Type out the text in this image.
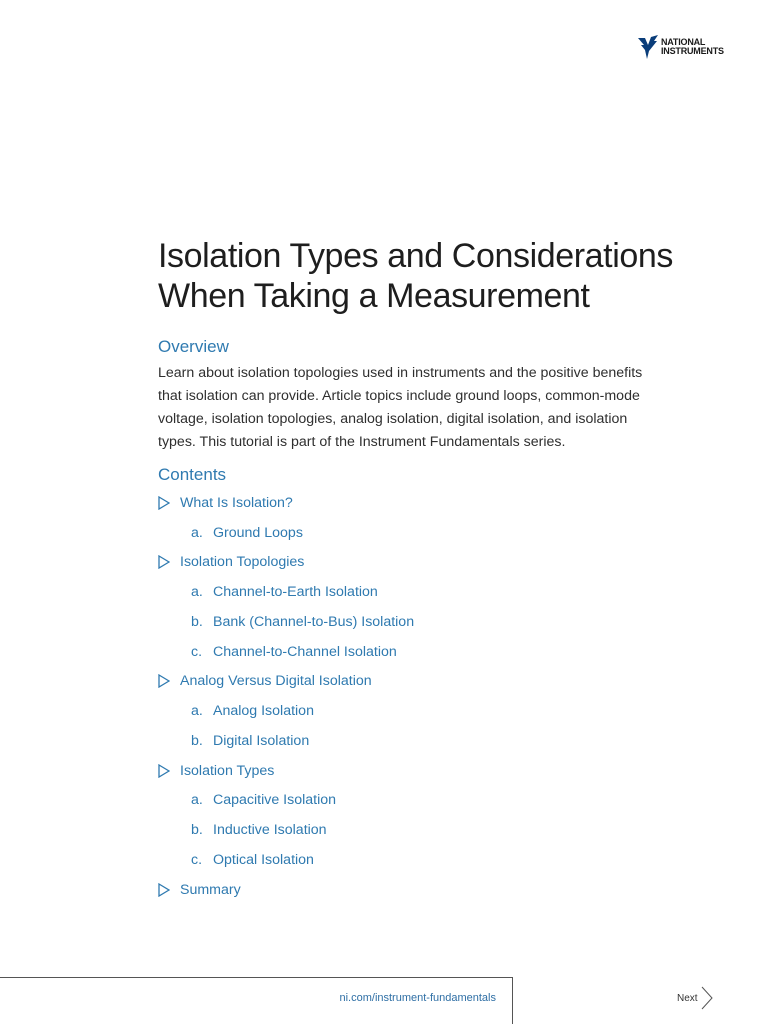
NATIONAL
INSTRUMENTS
Isolation Types and Considerations
When Taking a Measurement
Overview

Learn about isolation topologies used in instruments and the positive benefits
that isolation can provide. Article topics include ground loops, common-mode
voltage, isolation topologies, analog isolation, digital isolation, and isolation
types. This tutorial is part of the Instrument Fundamentals series.

Contents
What Is Isolation?
a. Ground Loops
Isolation Topologies
a. Channel-to-Earth Isolation
b. Bank (Channel-to-Bus) Isolation
c. Channel-to-Channel Isolation
Analog Versus Digital Isolation
a. Analog Isolation
b. Digital Isolation
Isolation Types
a. Capacitive Isolation
b. Inductive Isolation
c. Optical Isolation
Summary
ni.com/instrument-fundamentals	Next
